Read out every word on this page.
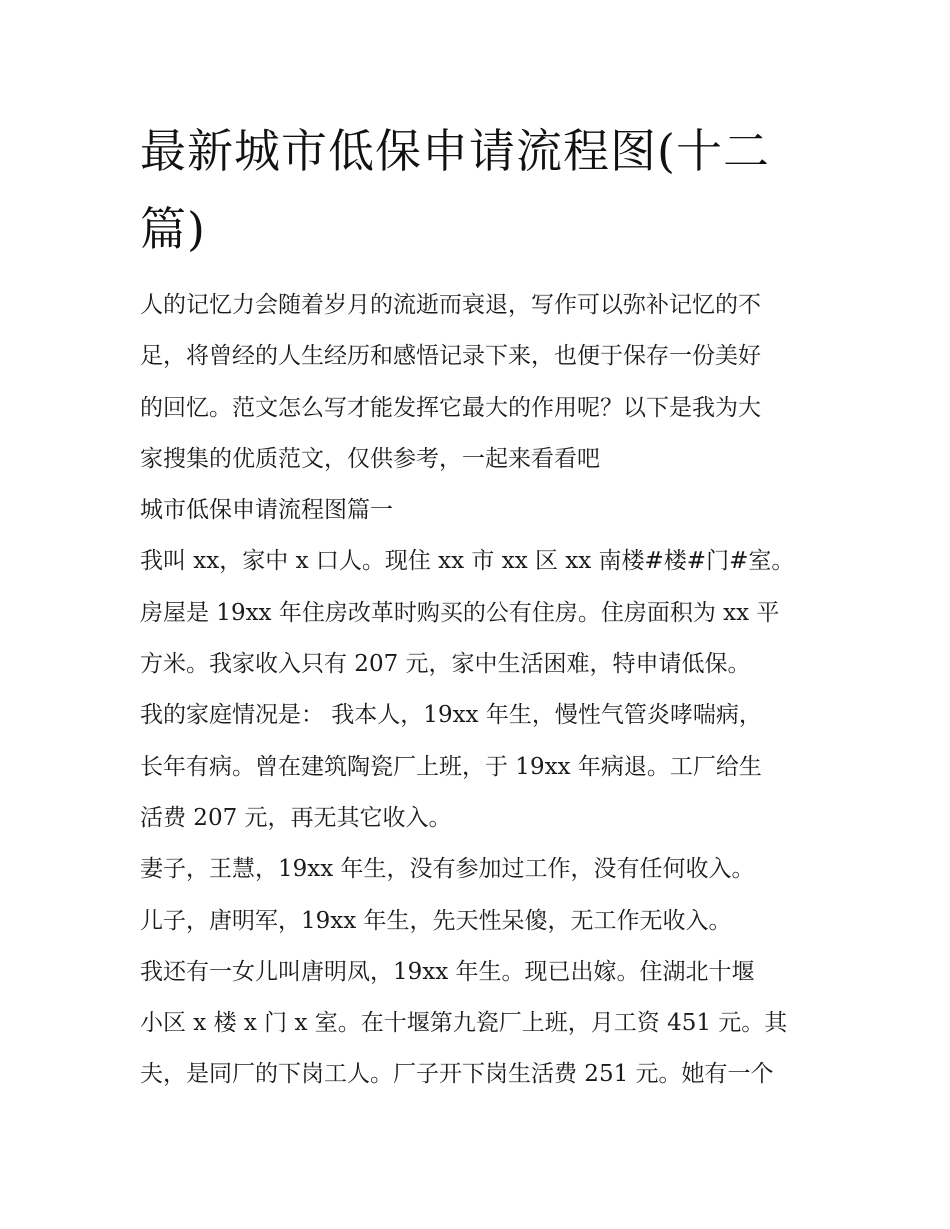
最新城市低保申请流程图(十二
篇)
人的记忆力会随着岁月的流逝而衰退，写作可以弥补记忆的不
足，将曾经的人生经历和感悟记录下来，也便于保存一份美好
的回忆。范文怎么写才能发挥它最大的作用呢？以下是我为大
家搜集的优质范文，仅供参考，一起来看看吧
城市低保申请流程图篇一
我叫 xx，家中 x 口人。现住 xx 市 xx 区 xx 南楼#楼#门#室。
房屋是 19xx 年住房改革时购买的公有住房。住房面积为 xx 平
方米。我家收入只有 207 元，家中生活困难，特申请低保。
我的家庭情况是： 我本人，19xx 年生，慢性气管炎哮喘病，
长年有病。曾在建筑陶瓷厂上班，于 19xx 年病退。工厂给生
活费 207 元，再无其它收入。
妻子，王慧，19xx 年生，没有参加过工作，没有任何收入。
儿子，唐明军，19xx 年生，先天性呆傻，无工作无收入。
我还有一女儿叫唐明凤，19xx 年生。现已出嫁。住湖北十堰
小区 x 楼 x 门 x 室。在十堰第九瓷厂上班，月工资 451 元。其
夫，是同厂的下岗工人。厂子开下岗生活费 251 元。她有一个
